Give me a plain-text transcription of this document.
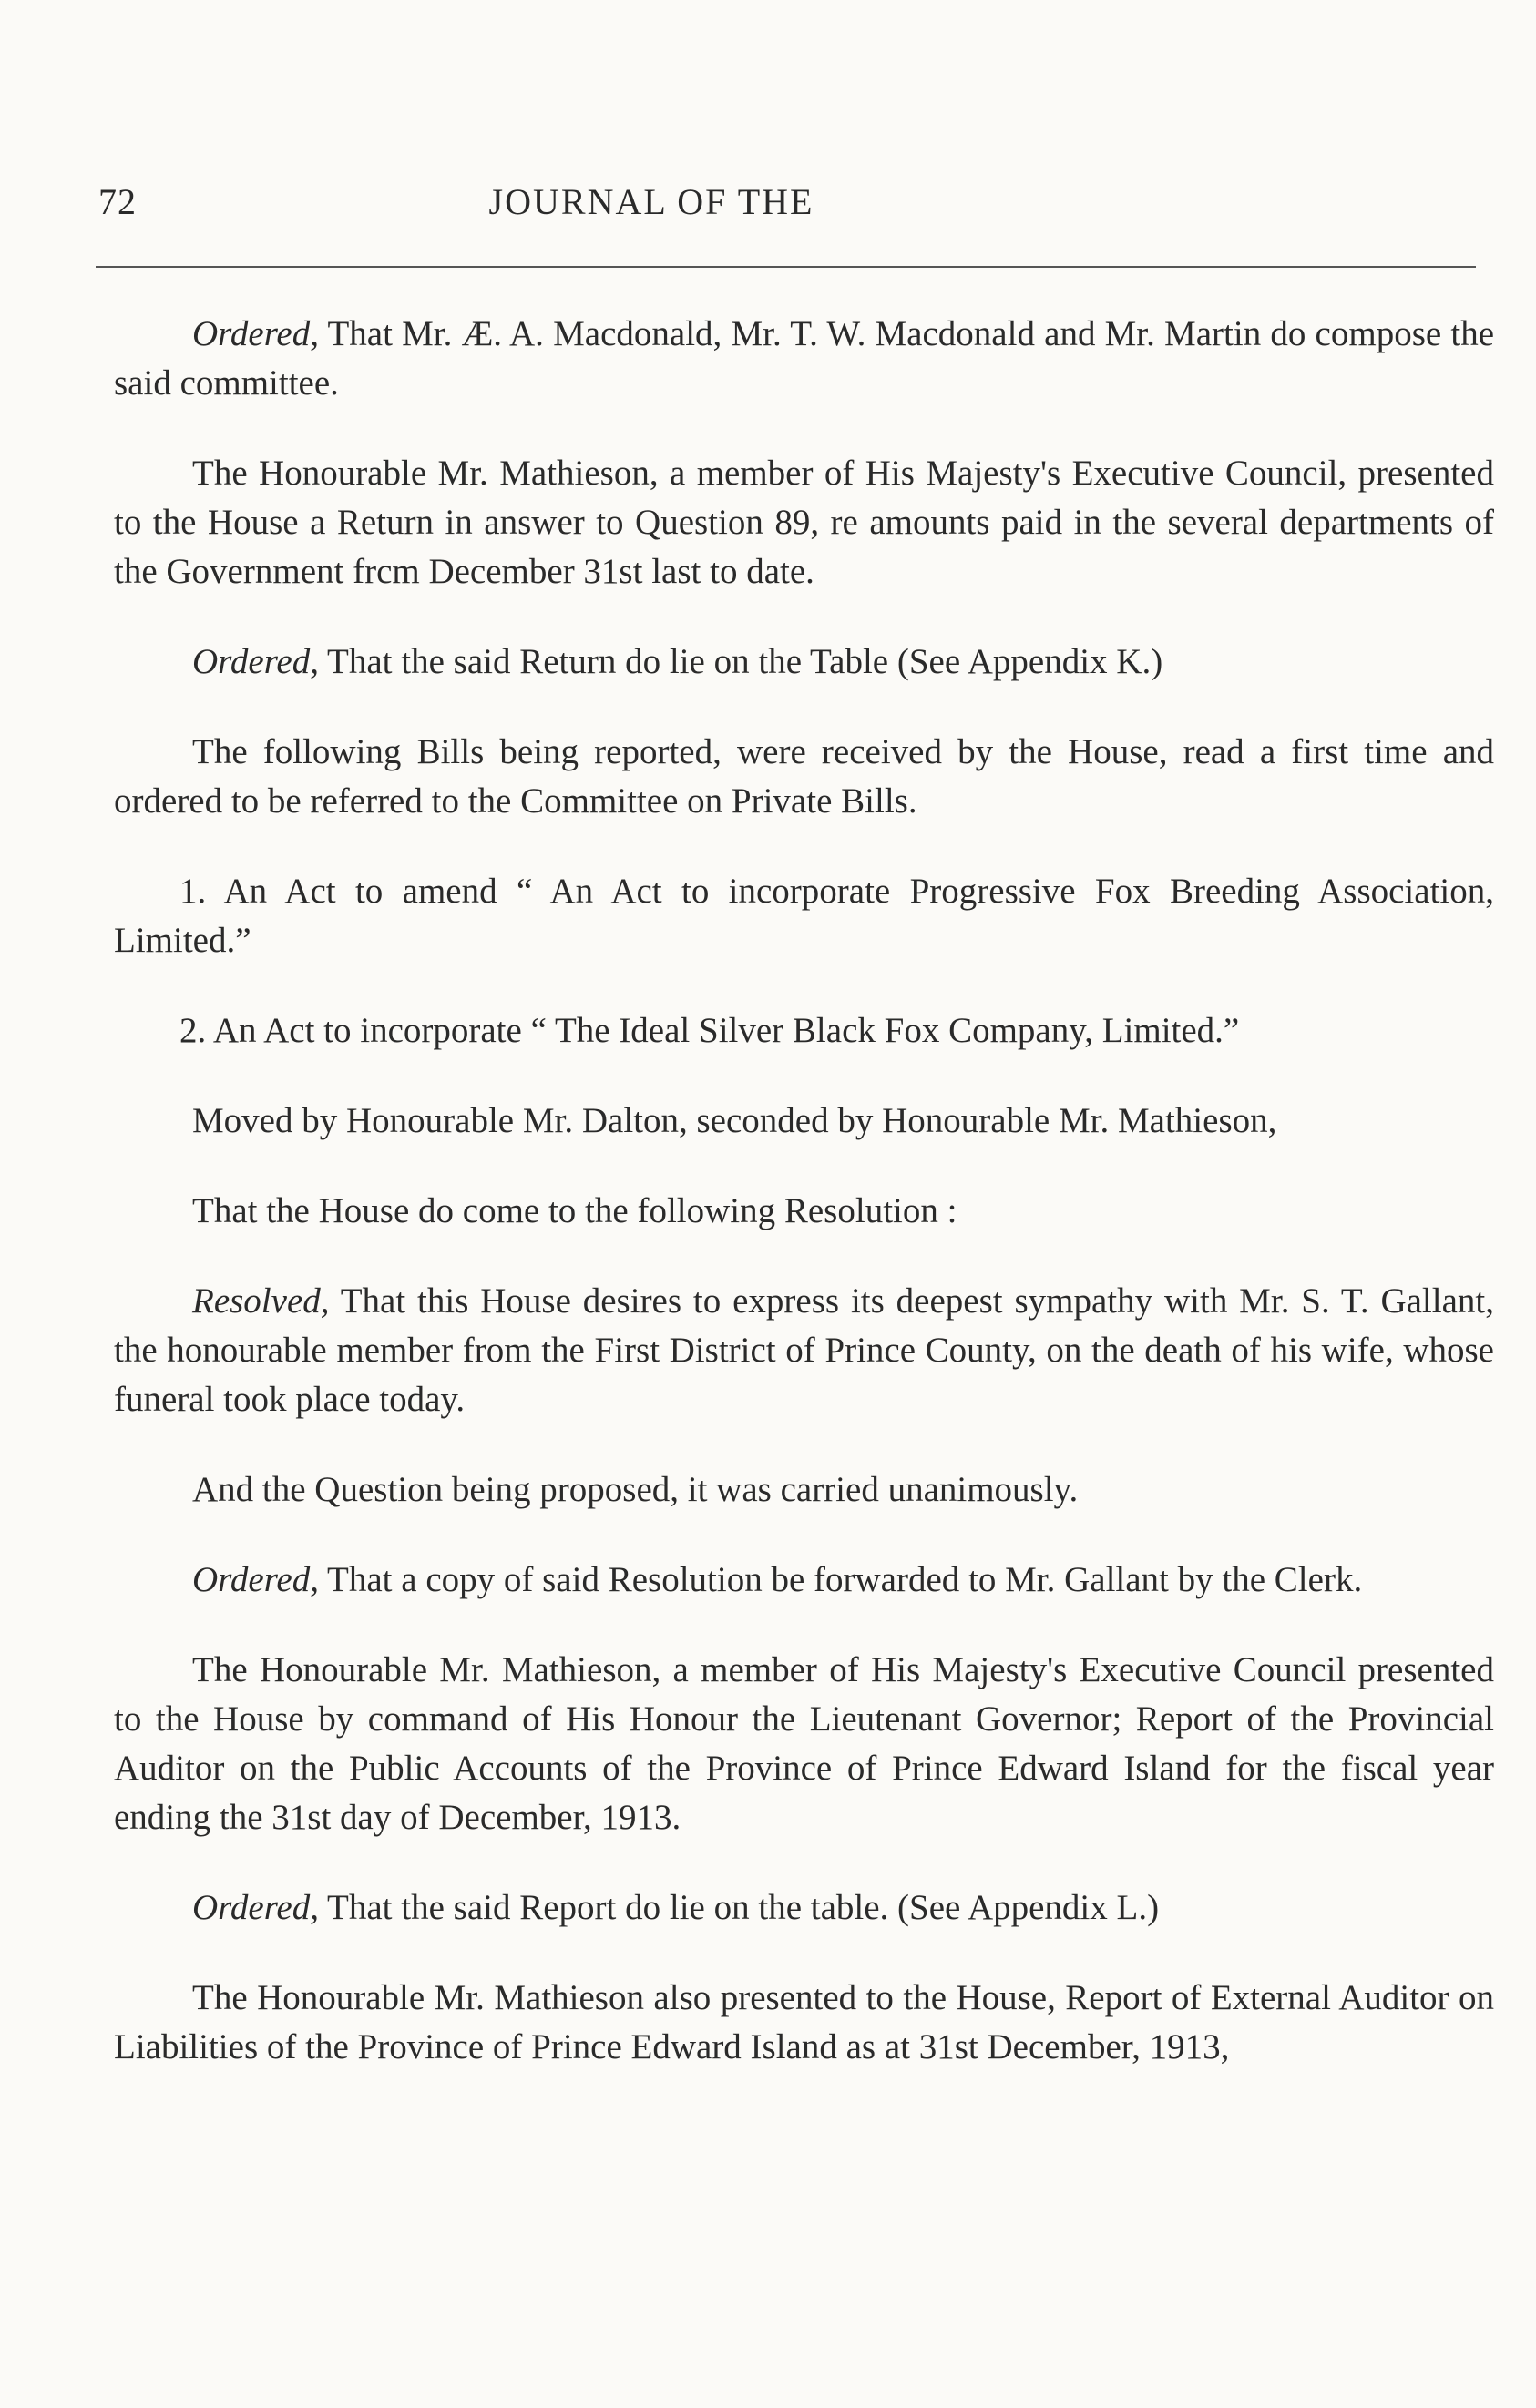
72	JOURNAL OF THE

Ordered, That Mr. Æ. A. Macdonald, Mr. T. W. Macdonald and Mr. Martin do compose the said committee.

The Honourable Mr. Mathieson, a member of His Majesty's Executive Council, presented to the House a Return in answer to Question 89, re amounts paid in the several departments of the Government frcm December 31st last to date.

Ordered, That the said Return do lie on the Table (See Appendix K.)

The following Bills being reported, were received by the House, read a first time and ordered to be referred to the Committee on Private Bills.

1. An Act to amend “ An Act to incorporate Progressive Fox Breeding Association, Limited.”

2. An Act to incorporate “ The Ideal Silver Black Fox Company, Limited.”

Moved by Honourable Mr. Dalton, seconded by Honourable Mr. Mathieson,

That the House do come to the following Resolution :

Resolved, That this House desires to express its deepest sympathy with Mr. S. T. Gallant, the honourable member from the First District of Prince County, on the death of his wife, whose funeral took place today.

And the Question being proposed, it was carried unanimously.

Ordered, That a copy of said Resolution be forwarded to Mr. Gallant by the Clerk.

The Honourable Mr. Mathieson, a member of His Majesty's Executive Council presented to the House by command of His Honour the Lieutenant Governor; Report of the Provincial Auditor on the Public Accounts of the Province of Prince Edward Island for the fiscal year ending the 31st day of December, 1913.

Ordered, That the said Report do lie on the table. (See Appendix L.)

The Honourable Mr. Mathieson also presented to the House, Report of External Auditor on Liabilities of the Province of Prince Edward Island as at 31st December, 1913,
